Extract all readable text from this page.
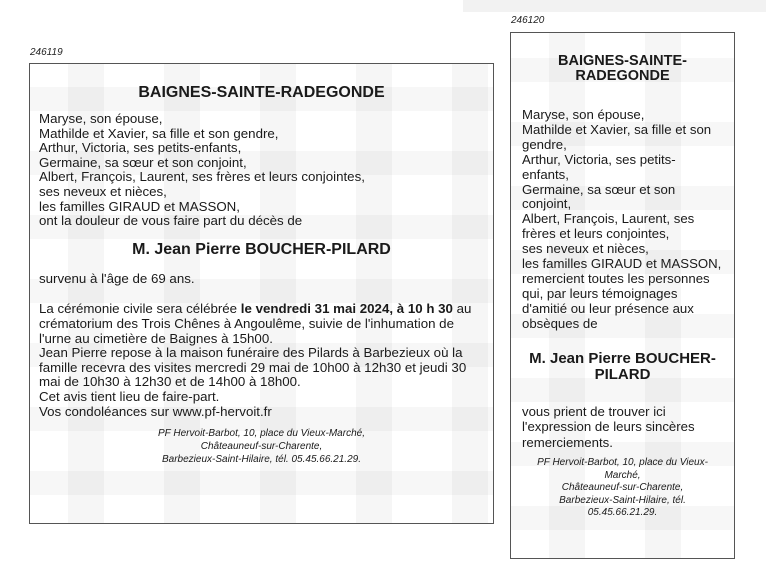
246119
BAIGNES-SAINTE-RADEGONDE
Maryse, son épouse,
Mathilde et Xavier, sa fille et son gendre,
Arthur, Victoria, ses petits-enfants,
Germaine, sa sœur et son conjoint,
Albert, François, Laurent, ses frères et leurs conjointes,
ses neveux et nièces,
les familles GIRAUD et MASSON,
ont la douleur de vous faire part du décès de
M. Jean Pierre BOUCHER-PILARD
survenu à l'âge de 69 ans.
La cérémonie civile sera célébrée le vendredi 31 mai 2024, à 10 h 30 au crématorium des Trois Chênes à Angoulême, suivie de l'inhumation de l'urne au cimetière de Baignes à 15h00.
Jean Pierre repose à la maison funéraire des Pilards à Barbezieux où la famille recevra des visites mercredi 29 mai de 10h00 à 12h30 et jeudi 30 mai de 10h30 à 12h30 et de 14h00 à 18h00.
Cet avis tient lieu de faire-part.
Vos condoléances sur www.pf-hervoit.fr
PF Hervoit-Barbot, 10, place du Vieux-Marché,
Châteauneuf-sur-Charente,
Barbezieux-Saint-Hilaire, tél. 05.45.66.21.29.
246120
BAIGNES-SAINTE-
RADEGONDE
Maryse, son épouse,
Mathilde et Xavier, sa fille et son
gendre,
Arthur, Victoria, ses petits-
enfants,
Germaine, sa sœur et son
conjoint,
Albert, François, Laurent, ses
frères et leurs conjointes,
ses neveux et nièces,
les familles GIRAUD et MASSON,
remercient toutes les personnes
qui, par leurs témoignages
d'amitié ou leur présence aux
obsèques de
M. Jean Pierre BOUCHER-
PILARD
vous prient de trouver ici
l'expression de leurs sincères
remerciements.
PF Hervoit-Barbot, 10, place du Vieux-
Marché,
Châteauneuf-sur-Charente,
Barbezieux-Saint-Hilaire, tél.
05.45.66.21.29.
